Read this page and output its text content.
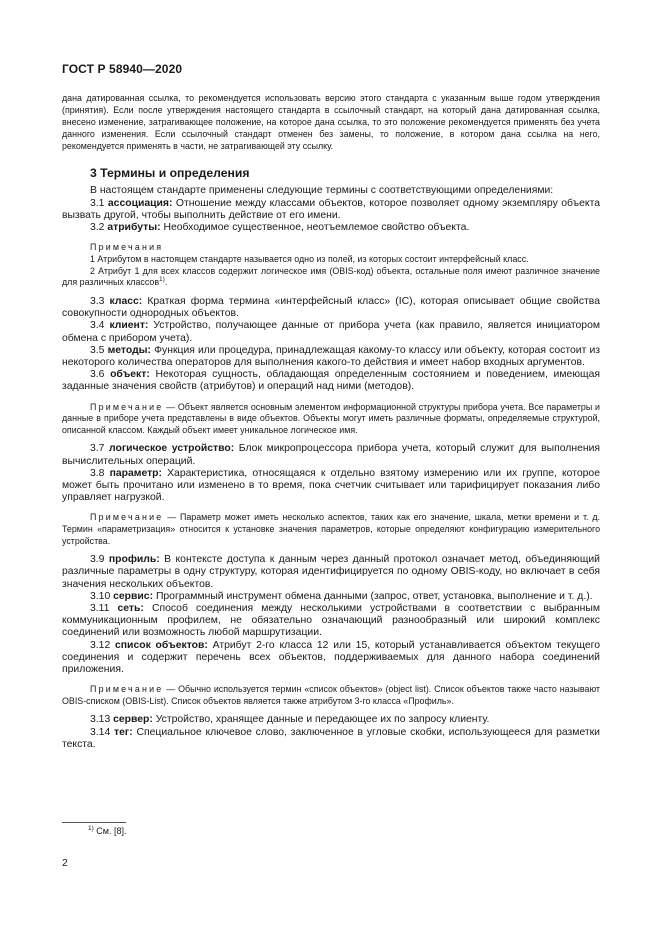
ГОСТ Р 58940—2020

дана датированная ссылка, то рекомендуется использовать версию этого стандарта с указанным выше годом утверждения (принятия). Если после утверждения настоящего стандарта в ссылочный стандарт, на который дана датированная ссылка, внесено изменение, затрагивающее положение, на которое дана ссылка, то это положение рекомендуется применять без учета данного изменения. Если ссылочный стандарт отменен без замены, то положение, в котором дана ссылка на него, рекомендуется применять в части, не затрагивающей эту ссылку.

3 Термины и определения

В настоящем стандарте применены следующие термины с соответствующими определениями:

3.1 ассоциация: Отношение между классами объектов, которое позволяет одному экземпляру объекта вызвать другой, чтобы выполнить действие от его имени.

3.2 атрибуты: Необходимое существенное, неотъемлемое свойство объекта.

Примечания

1 Атрибутом в настоящем стандарте называется одно из полей, из которых состоит интерфейсный класс.

2 Атрибут 1 для всех классов содержит логическое имя (OBIS-код) объекта, остальные поля имеют различное значение для различных классов$^{1)}$.

3.3 класс: Краткая форма термина «интерфейсный класс» (IC), которая описывает общие свойства совокупности однородных объектов.

3.4 клиент: Устройство, получающее данные от прибора учета (как правило, является инициатором обмена с прибором учета).

3.5 методы: Функция или процедура, принадлежащая какому-то классу или объекту, которая состоит из некоторого количества операторов для выполнения какого-то действия и имеет набор входных аргументов.

3.6 объект: Некоторая сущность, обладающая определенным состоянием и поведением, имеющая заданные значения свойств (атрибутов) и операций над ними (методов).

Примечание — Объект является основным элементом информационной структуры прибора учета. Все параметры и данные в приборе учета представлены в виде объектов. Объекты могут иметь различные форматы, определяемые структурой, описанной классом. Каждый объект имеет уникальное логическое имя.

3.7 логическое устройство: Блок микропроцессора прибора учета, который служит для выполнения вычислительных операций.

3.8 параметр: Характеристика, относящаяся к отдельно взятому измерению или их группе, которое может быть прочитано или изменено в то время, пока счетчик считывает или тарифицирует показания либо управляет нагрузкой.

Примечание — Параметр может иметь несколько аспектов, таких как его значение, шкала, метки времени и т. д. Термин «параметризация» относится к установке значения параметров, которые определяют конфигурацию измерительного устройства.

3.9 профиль: В контексте доступа к данным через данный протокол означает метод, объединяющий различные параметры в одну структуру, которая идентифицируется по одному OBIS-коду, но включает в себя значения нескольких объектов.

3.10 сервис: Программный инструмент обмена данными (запрос, ответ, установка, выполнение и т. д.).

3.11 сеть: Способ соединения между несколькими устройствами в соответствии с выбранным коммуникационным профилем, не обязательно означающий разнообразный или широкий комплекс соединений или возможность любой маршрутизации.

3.12 список объектов: Атрибут 2-го класса 12 или 15, который устанавливается объектом текущего соединения и содержит перечень всех объектов, поддерживаемых для данного набора соединений приложения.

Примечание — Обычно используется термин «список объектов» (object list). Список объектов также часто называют OBIS-списком (OBIS-List). Список объектов является также атрибутом 3-го класса «Профиль».

3.13 сервер: Устройство, хранящее данные и передающее их по запросу клиенту.

3.14 тег: Специальное ключевое слово, заключенное в угловые скобки, использующееся для разметки текста.

$^{1)}$ См. [8].
2
